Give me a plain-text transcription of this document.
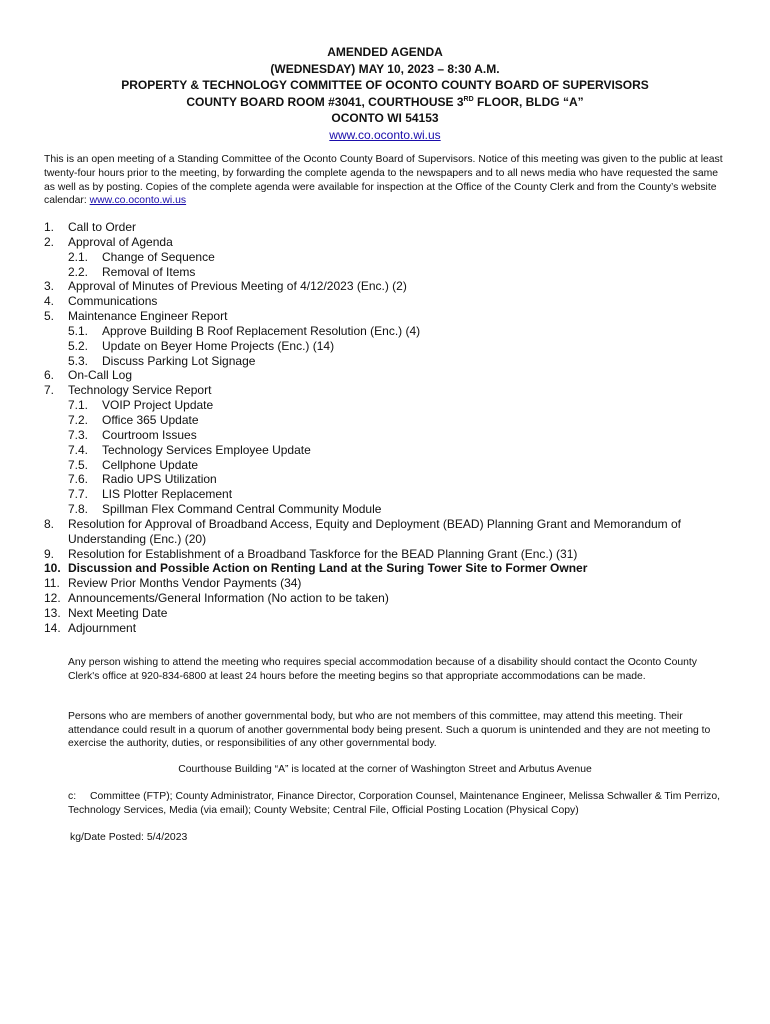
AMENDED AGENDA
(WEDNESDAY) MAY 10, 2023 – 8:30 A.M.
PROPERTY & TECHNOLOGY COMMITTEE OF OCONTO COUNTY BOARD OF SUPERVISORS
COUNTY BOARD ROOM #3041, COURTHOUSE 3RD FLOOR, BLDG “A”
OCONTO WI 54153
www.co.oconto.wi.us
This is an open meeting of a Standing Committee of the Oconto County Board of Supervisors. Notice of this meeting was given to the public at least twenty-four hours prior to the meeting, by forwarding the complete agenda to the newspapers and to all news media who have requested the same as well as by posting. Copies of the complete agenda were available for inspection at the Office of the County Clerk and from the County’s website calendar: www.co.oconto.wi.us
1. Call to Order
2. Approval of Agenda
2.1. Change of Sequence
2.2. Removal of Items
3. Approval of Minutes of Previous Meeting of 4/12/2023 (Enc.) (2)
4. Communications
5. Maintenance Engineer Report
5.1. Approve Building B Roof Replacement Resolution (Enc.) (4)
5.2. Update on Beyer Home Projects (Enc.) (14)
5.3. Discuss Parking Lot Signage
6. On-Call Log
7. Technology Service Report
7.1. VOIP Project Update
7.2. Office 365 Update
7.3. Courtroom Issues
7.4. Technology Services Employee Update
7.5. Cellphone Update
7.6. Radio UPS Utilization
7.7. LIS Plotter Replacement
7.8. Spillman Flex Command Central Community Module
8. Resolution for Approval of Broadband Access, Equity and Deployment (BEAD) Planning Grant and Memorandum of Understanding (Enc.) (20)
9. Resolution for Establishment of a Broadband Taskforce for the BEAD Planning Grant (Enc.) (31)
10. Discussion and Possible Action on Renting Land at the Suring Tower Site to Former Owner
11. Review Prior Months Vendor Payments (34)
12. Announcements/General Information (No action to be taken)
13. Next Meeting Date
14. Adjournment
Any person wishing to attend the meeting who requires special accommodation because of a disability should contact the Oconto County Clerk's office at 920-834-6800 at least 24 hours before the meeting begins so that appropriate accommodations can be made.
Persons who are members of another governmental body, but who are not members of this committee, may attend this meeting. Their attendance could result in a quorum of another governmental body being present. Such a quorum is unintended and they are not meeting to exercise the authority, duties, or responsibilities of any other governmental body.
Courthouse Building “A” is located at the corner of Washington Street and Arbutus Avenue
c: Committee (FTP); County Administrator, Finance Director, Corporation Counsel, Maintenance Engineer, Melissa Schwaller & Tim Perrizo, Technology Services, Media (via email); County Website; Central File, Official Posting Location (Physical Copy)
kg/Date Posted: 5/4/2023
